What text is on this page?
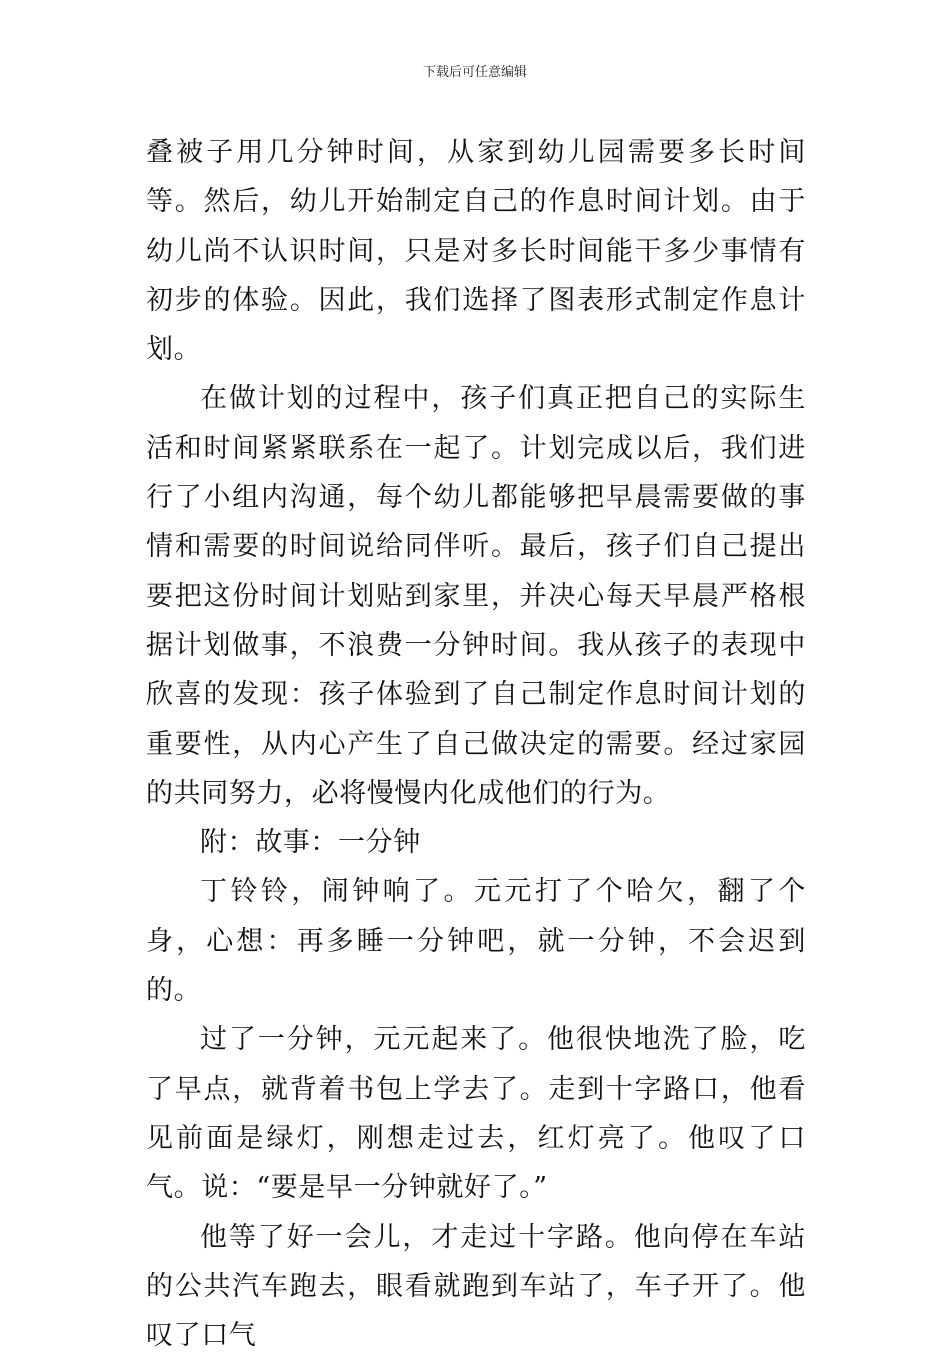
下载后可任意编辑

叠被子用几分钟时间，从家到幼儿园需要多长时间等。然后，幼儿开始制定自己的作息时间计划。由于幼儿尚不认识时间，只是对多长时间能干多少事情有初步的体验。因此，我们选择了图表形式制定作息计划。

在做计划的过程中，孩子们真正把自己的实际生活和时间紧紧联系在一起了。计划完成以后，我们进行了小组内沟通，每个幼儿都能够把早晨需要做的事情和需要的时间说给同伴听。最后，孩子们自己提出要把这份时间计划贴到家里，并决心每天早晨严格根据计划做事，不浪费一分钟时间。我从孩子的表现中欣喜的发现：孩子体验到了自己制定作息时间计划的重要性，从内心产生了自己做决定的需要。经过家园的共同努力，必将慢慢内化成他们的行为。

附：故事：一分钟

丁铃铃，闹钟响了。元元打了个哈欠，翻了个身，心想：再多睡一分钟吧，就一分钟，不会迟到的。

过了一分钟，元元起来了。他很快地洗了脸，吃了早点，就背着书包上学去了。走到十字路口，他看见前面是绿灯，刚想走过去，红灯亮了。他叹了口气。说：“要是早一分钟就好了。”

他等了好一会儿，才走过十字路。他向停在车站的公共汽车跑去，眼看就跑到车站了，车子开了。他叹了口气
